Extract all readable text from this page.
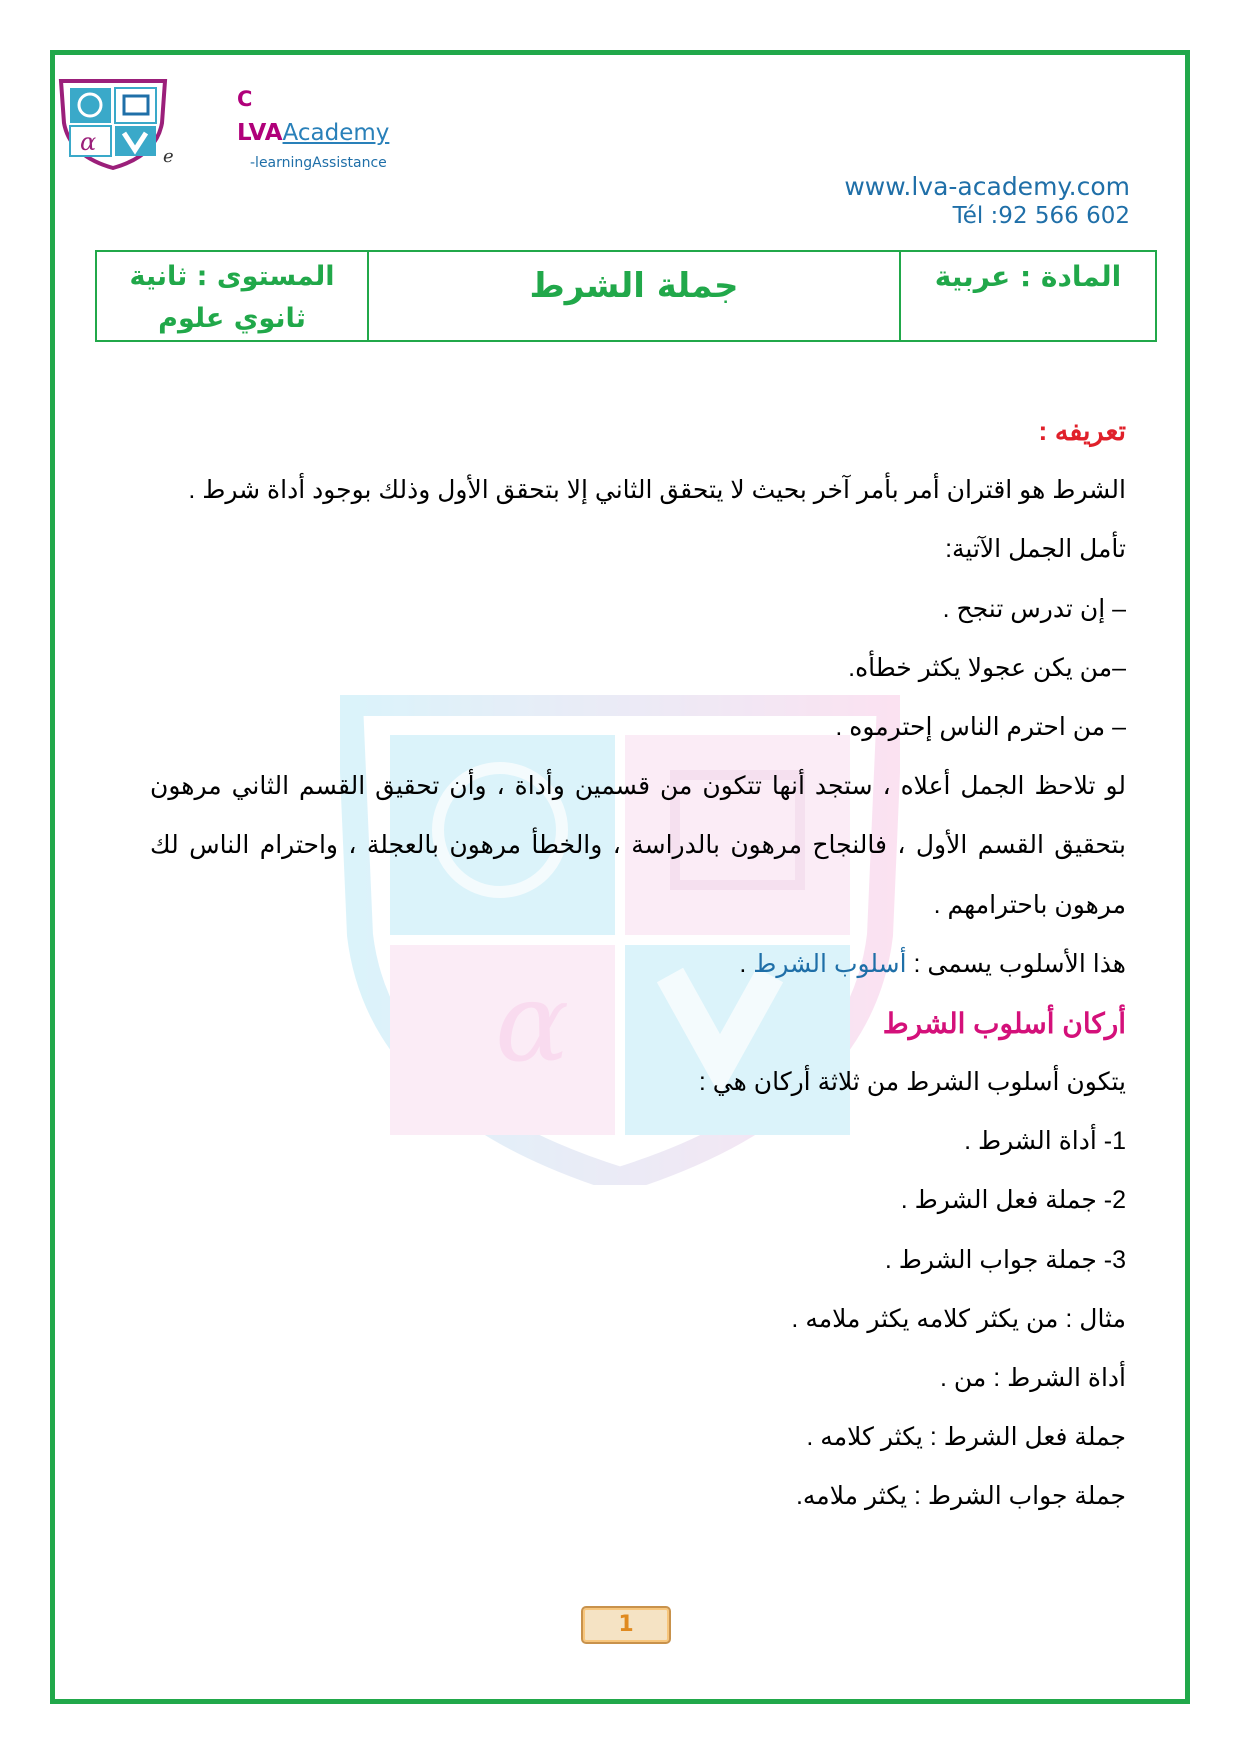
α
α
e
C
LVAAcademy
-learningAssistance
www.lva-academy.com
Tél :92 566 602
المادة : عربية
جملة الشرط
المستوى : ثانية
ثانوي علوم
تعريفه :
الشرط هو اقتران أمر بأمر آخر بحيث لا يتحقق الثاني إلا بتحقق الأول وذلك بوجود أداة شرط .
تأمل الجمل الآتية:
– إن تدرس تنجح .
–من يكن عجولا يكثر خطأه.
– من احترم الناس إحترموه .
لو تلاحظ الجمل أعلاه ، ستجد أنها تتكون من قسمين وأداة ، وأن تحقيق القسم الثاني مرهون
بتحقيق القسم الأول ، فالنجاح مرهون بالدراسة ، والخطأ مرهون بالعجلة ، واحترام الناس لك
مرهون باحترامهم .
هذا الأسلوب يسمى : أسلوب الشرط .
أركان أسلوب الشرط
يتكون أسلوب الشرط من ثلاثة أركان هي :
1- أداة الشرط .
2- جملة فعل الشرط .
3- جملة جواب الشرط .
مثال : من يكثر كلامه يكثر ملامه .
أداة الشرط : من .
جملة فعل الشرط : يكثر كلامه .
جملة جواب الشرط : يكثر ملامه.
1
